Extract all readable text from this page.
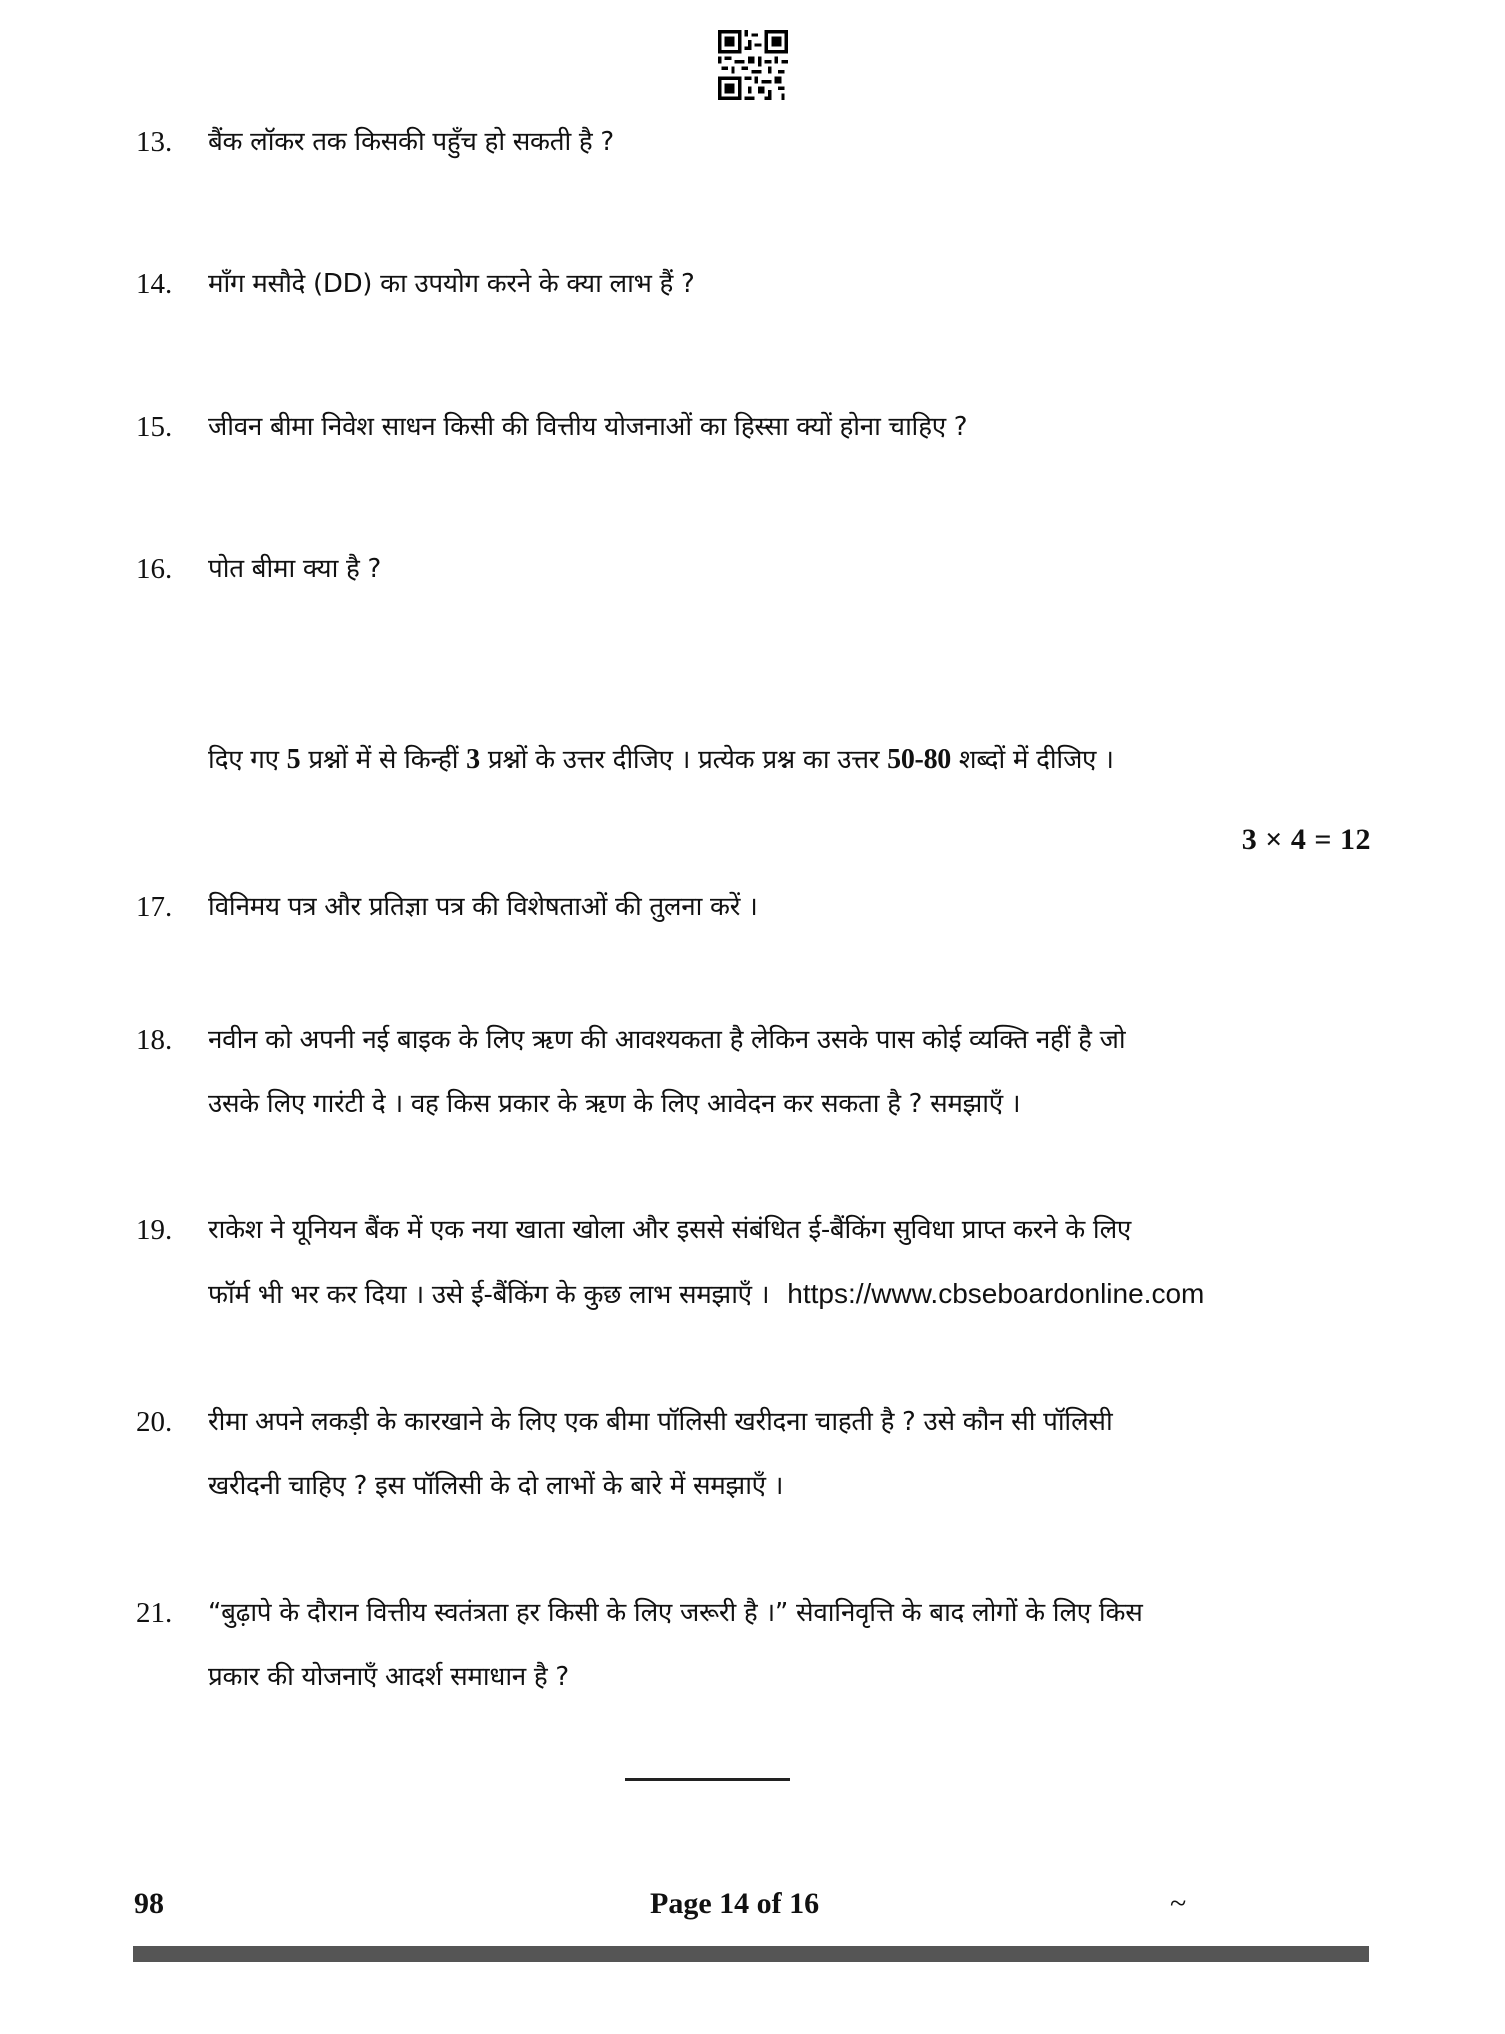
13.	बैंक लॉकर तक किसकी पहुँच हो सकती है ?
14.	माँग मसौदे (DD) का उपयोग करने के क्या लाभ हैं ?
15.	जीवन बीमा निवेश साधन किसी की वित्तीय योजनाओं का हिस्सा क्यों होना चाहिए ?
16.	पोत बीमा क्या है ?
दिए गए 5 प्रश्नों में से किन्हीं 3 प्रश्नों के उत्तर दीजिए । प्रत्येक प्रश्न का उत्तर 50-80 शब्दों में दीजिए ।
3 × 4 = 12
17.	विनिमय पत्र और प्रतिज्ञा पत्र की विशेषताओं की तुलना करें ।
18.	नवीन को अपनी नई बाइक के लिए ऋण की आवश्यकता है लेकिन उसके पास कोई व्यक्ति नहीं है जो
उसके लिए गारंटी दे । वह किस प्रकार के ऋण के लिए आवेदन कर सकता है ? समझाएँ ।
19.	राकेश ने यूनियन बैंक में एक नया खाता खोला और इससे संबंधित ई-बैंकिंग सुविधा प्राप्त करने के लिए
फॉर्म भी भर कर दिया । उसे ई-बैंकिंग के कुछ लाभ समझाएँ । https://www.cbseboardonline.com
20.	रीमा अपने लकड़ी के कारखाने के लिए एक बीमा पॉलिसी खरीदना चाहती है ? उसे कौन सी पॉलिसी
खरीदनी चाहिए ? इस पॉलिसी के दो लाभों के बारे में समझाएँ ।
21.	“बुढ़ापे के दौरान वित्तीय स्वतंत्रता हर किसी के लिए जरूरी है ।” सेवानिवृत्ति के बाद लोगों के लिए किस
प्रकार की योजनाएँ आदर्श समाधान है ?
98	Page 14 of 16	~
